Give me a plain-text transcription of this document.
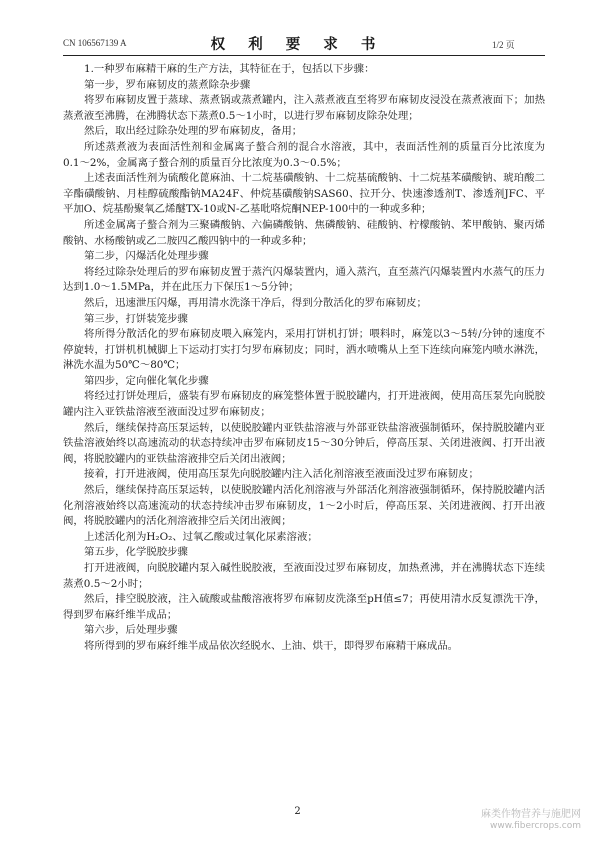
CN 106567139 A	权 利 要 求 书	1/2 页

1.一种罗布麻精干麻的生产方法，其特征在于，包括以下步骤：

第一步，罗布麻韧皮的蒸煮除杂步骤

将罗布麻韧皮置于蒸球、蒸煮锅或蒸煮罐内，注入蒸煮液直至将罗布麻韧皮浸没在蒸煮液面下；加热蒸煮液至沸腾，在沸腾状态下蒸煮0.5～1小时，以进行罗布麻韧皮除杂处理；

然后，取出经过除杂处理的罗布麻韧皮，备用；

所述蒸煮液为表面活性剂和金属离子螯合剂的混合水溶液，其中，表面活性剂的质量百分比浓度为0.1～2%，金属离子螯合剂的质量百分比浓度为0.3～0.5%；

上述表面活性剂为硫酸化蓖麻油、十二烷基磺酸钠、十二烷基硫酸钠、十二烷基苯磺酸钠、琥珀酸二辛酯磺酸钠、月桂醇硫酸酯钠MA24F、仲烷基磺酸钠SAS60、拉开分、快速渗透剂T、渗透剂JFC、平平加O、烷基酚聚氧乙烯醚TX-10或N-乙基吡咯烷酮NEP-100中的一种或多种；

所述金属离子螯合剂为三聚磷酸钠、六偏磷酸钠、焦磷酸钠、硅酸钠、柠檬酸钠、苯甲酸钠、聚丙烯酸钠、水杨酸钠或乙二胺四乙酸四钠中的一种或多种；

第二步，闪爆活化处理步骤

将经过除杂处理后的罗布麻韧皮置于蒸汽闪爆装置内，通入蒸汽，直至蒸汽闪爆装置内水蒸气的压力达到1.0～1.5MPa，并在此压力下保压1～5分钟；

然后，迅速泄压闪爆，再用清水洗涤干净后，得到分散活化的罗布麻韧皮；

第三步，打饼装笼步骤

将所得分散活化的罗布麻韧皮喂入麻笼内，采用打饼机打饼；喂料时，麻笼以3～5转/分钟的速度不停旋转，打饼机机械脚上下运动打实打匀罗布麻韧皮；同时，洒水喷嘴从上至下连续向麻笼内喷水淋洗，淋洗水温为50℃～80℃；

第四步，定向催化氧化步骤

将经过打饼处理后，盛装有罗布麻韧皮的麻笼整体置于脱胶罐内，打开进液阀，使用高压泵先向脱胶罐内注入亚铁盐溶液至液面没过罗布麻韧皮；

然后，继续保持高压泵运转，以使脱胶罐内亚铁盐溶液与外部亚铁盐溶液强制循环，保持脱胶罐内亚铁盐溶液始终以高速流动的状态持续冲击罗布麻韧皮15～30分钟后，停高压泵、关闭进液阀、打开出液阀，将脱胶罐内的亚铁盐溶液排空后关闭出液阀；

接着，打开进液阀，使用高压泵先向脱胶罐内注入活化剂溶液至液面没过罗布麻韧皮；

然后，继续保持高压泵运转，以使脱胶罐内活化剂溶液与外部活化剂溶液强制循环，保持脱胶罐内活化剂溶液始终以高速流动的状态持续冲击罗布麻韧皮，1～2小时后，停高压泵、关闭进液阀、打开出液阀，将脱胶罐内的活化剂溶液排空后关闭出液阀；

上述活化剂为H₂O₂、过氧乙酸或过氧化尿素溶液；

第五步，化学脱胶步骤

打开进液阀，向脱胶罐内泵入碱性脱胶液，至液面没过罗布麻韧皮，加热煮沸，并在沸腾状态下连续蒸煮0.5～2小时；

然后，排空脱胶液，注入硫酸或盐酸溶液将罗布麻韧皮洗涤至pH值≤7；再使用清水反复漂洗干净，得到罗布麻纤维半成品；

第六步，后处理步骤

将所得到的罗布麻纤维半成品依次经脱水、上油、烘干，即得罗布麻精干麻成品。

2	麻类作物营养与施肥网
www.fibercrops.com
